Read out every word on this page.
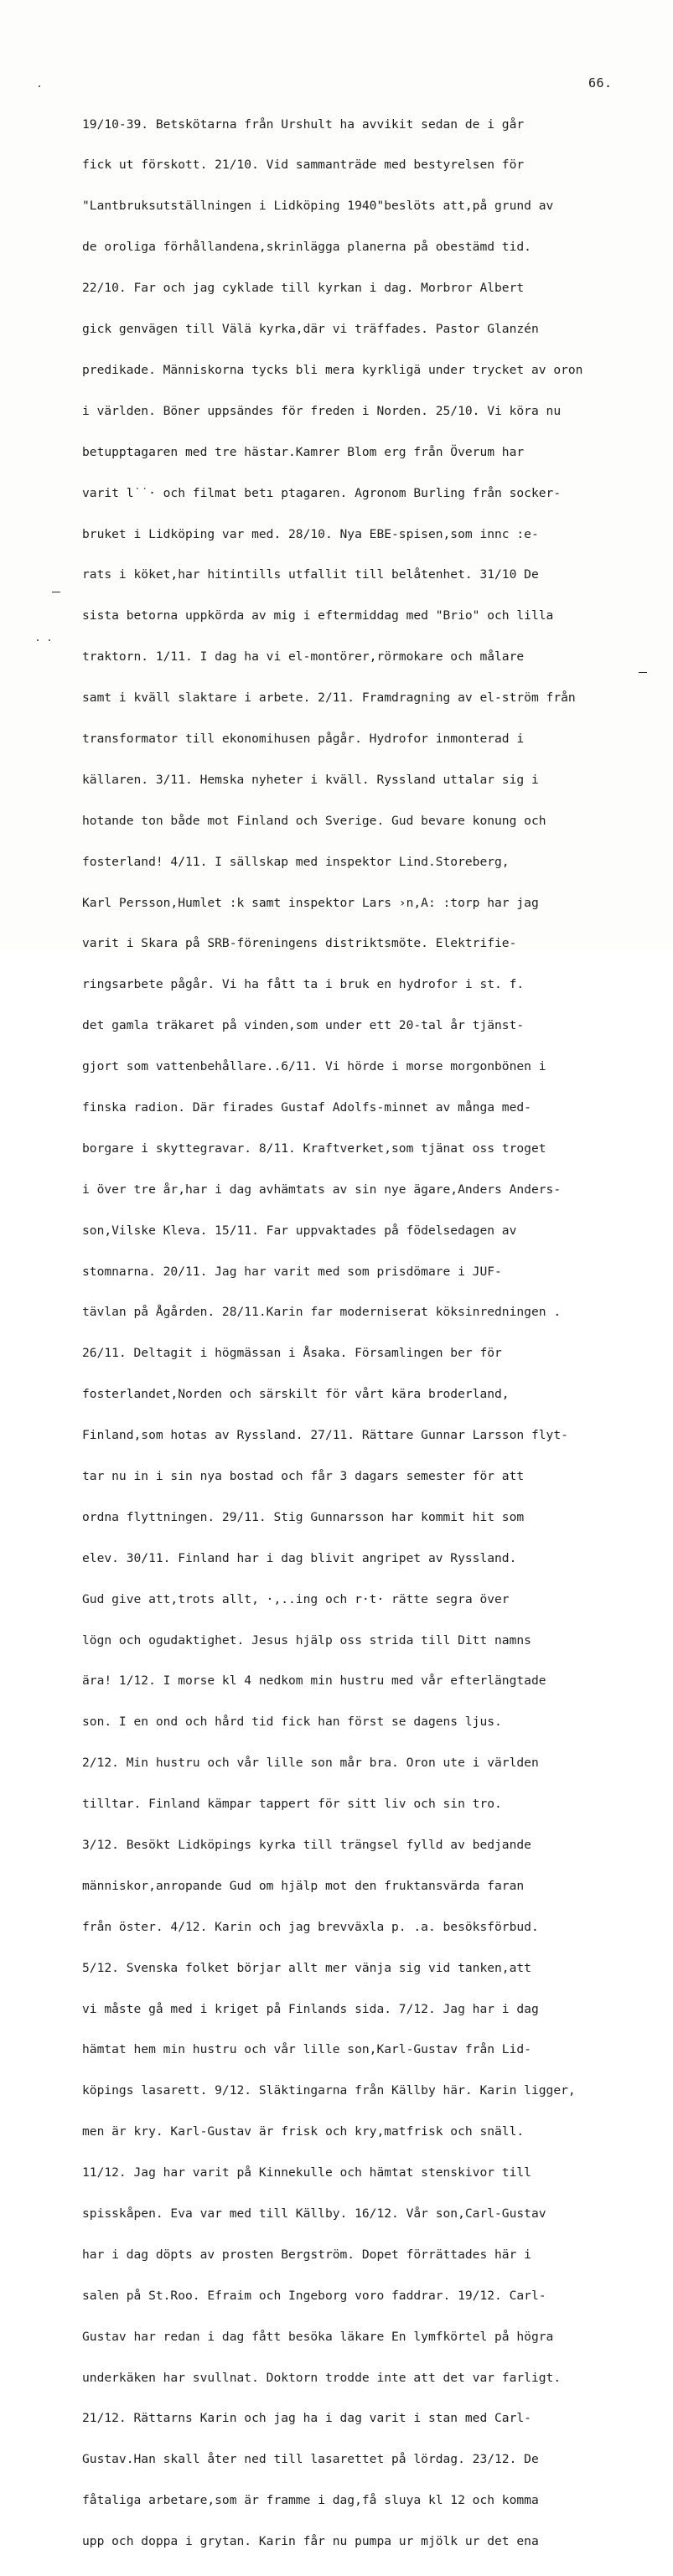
66.

19/10-39. Betskötarna från Urshult ha avvikit sedan de i går

fick ut förskott. 21/10. Vid sammanträde med bestyrelsen för

"Lantbruksutställningen i Lidköping 1940"beslöts att,på grund av

de oroliga förhållandena,skrinlägga planerna på obestämd tid.

22/10. Far och jag cyklade till kyrkan i dag. Morbror Albert

gick genvägen till Välä kyrka,där vi träffades. Pastor Glanzén

predikade. Människorna tycks bli mera kyrkligä under trycket av oron

i världen. Böner uppsändes för freden i Norden. 25/10. Vi köra nu

betupptagaren med tre hästar.Kamrer Blom erg från Överum har

varit l˙˙· och filmat betı ptagaren. Agronom Burling från socker-

bruket i Lidköping var med. 28/10. Nya EBE-spisen,som innc :e-

rats i köket,har hitintills utfallit till belåtenhet. 31/10 De

sista betorna uppkörda av mig i eftermiddag med "Brio" och lilla

traktorn. 1/11. I dag ha vi el-montörer,rörmokare och målare

samt i kväll slaktare i arbete. 2/11. Framdragning av el-ström från

transformator till ekonomihusen pågår. Hydrofor inmonterad i

källaren. 3/11. Hemska nyheter i kväll. Ryssland uttalar sig i

hotande ton både mot Finland och Sverige. Gud bevare konung och

fosterland! 4/11. I sällskap med inspektor Lind.Storeberg,

Karl Persson,Humlet :k samt inspektor Lars ›n,A: :torp har jag

varit i Skara på SRB-föreningens distriktsmöte. Elektrifie-

ringsarbete pågår. Vi ha fått ta i bruk en hydrofor i st. f.

det gamla träkaret på vinden,som under ett 20-tal år tjänst-

gjort som vattenbehållare..6/11. Vi hörde i morse morgonbönen i

finska radion. Där firades Gustaf Adolfs-minnet av många med-

borgare i skyttegravar. 8/11. Kraftverket,som tjänat oss troget

i över tre år,har i dag avhämtats av sin nye ägare,Anders Anders-

son,Vilske Kleva. 15/11. Far uppvaktades på födelsedagen av

stomnarna. 20/11. Jag har varit med som prisdömare i JUF-

tävlan på Ågården. 28/11.Karin far moderniserat köksinredningen .

26/11. Deltagit i högmässan i Åsaka. Församlingen ber för

fosterlandet,Norden och särskilt för vårt kära broderland,

Finland,som hotas av Ryssland. 27/11. Rättare Gunnar Larsson flyt-

tar nu in i sin nya bostad och får 3 dagars semester för att

ordna flyttningen. 29/11. Stig Gunnarsson har kommit hit som

elev. 30/11. Finland har i dag blivit angripet av Ryssland.

Gud give att,trots allt, ·,..ing och r·t· rätte segra över

lögn och ogudaktighet. Jesus hjälp oss strida till Ditt namns

ära! 1/12. I morse kl 4 nedkom min hustru med vår efterlängtade

son. I en ond och hård tid fick han först se dagens ljus.

2/12. Min hustru och vår lille son mår bra. Oron ute i världen

tilltar. Finland kämpar tappert för sitt liv och sin tro.

3/12. Besökt Lidköpings kyrka till trängsel fylld av bedjande

människor,anropande Gud om hjälp mot den fruktansvärda faran

från öster. 4/12. Karin och jag brevväxla p. .a. besöksförbud.

5/12. Svenska folket börjar allt mer vänja sig vid tanken,att

vi måste gå med i kriget på Finlands sida. 7/12. Jag har i dag

hämtat hem min hustru och vår lille son,Karl-Gustav från Lid-

köpings lasarett. 9/12. Släktingarna från Källby här. Karin ligger,

men är kry. Karl-Gustav är frisk och kry,matfrisk och snäll.

11/12. Jag har varit på Kinnekulle och hämtat stenskivor till

spisskåpen. Eva var med till Källby. 16/12. Vår son,Carl-Gustav

har i dag döpts av prosten Bergström. Dopet förrättades här i

salen på St.Roo. Efraim och Ingeborg voro faddrar. 19/12. Carl-

Gustav har redan i dag fått besöka läkare En lymfkörtel på högra

underkäken har svullnat. Doktorn trodde inte att det var farligt.

21/12. Rättarns Karin och jag ha i dag varit i stan med Carl-

Gustav.Han skall åter ned till lasarettet på lördag. 23/12. De

fåtaliga arbetare,som är framme i dag,få sluya kl 12 och komma

upp och doppa i grytan. Karin får nu pumpa ur mjölk ur det ena
